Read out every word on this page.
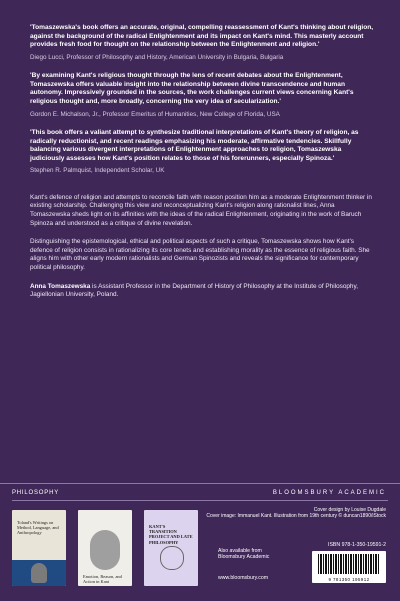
'Tomaszewska's book offers an accurate, original, compelling reassessment of Kant's thinking about religion, against the background of the radical Enlightenment and its impact on Kant's mind. This masterly account provides fresh food for thought on the relationship between the Enlightenment and religion.'

Diego Lucci, Professor of Philosophy and History, American University in Bulgaria, Bulgaria

'By examining Kant's religious thought through the lens of recent debates about the Enlightenment, Tomaszewska offers valuable insight into the relationship between divine transcendence and human autonomy. Impressively grounded in the sources, the work challenges current views concerning Kant's religious thought and, more broadly, concerning the very idea of secularization.'

Gordon E. Michalson, Jr., Professor Emeritus of Humanities, New College of Florida, USA

'This book offers a valiant attempt to synthesize traditional interpretations of Kant's theory of religion, as radically reductionist, and recent readings emphasizing his moderate, affirmative tendencies. Skillfully balancing various divergent interpretations of Enlightenment approaches to religion, Tomaszewska judiciously assesses how Kant's position relates to those of his forerunners, especially Spinoza.'

Stephen R. Palmquist, Independent Scholar, UK

Kant's defence of religion and attempts to reconcile faith with reason position him as a moderate Enlightenment thinker in existing scholarship. Challenging this view and reconceptualizing Kant's religion along rationalist lines, Anna Tomaszewska sheds light on its affinities with the ideas of the radical Enlightenment, originating in the work of Baruch Spinoza and understood as a critique of divine revelation.

Distinguishing the epistemological, ethical and political aspects of such a critique, Tomaszewska shows how Kant's defence of religion consists in rationalizing its core tenets and establishing morality as the essence of religious faith. She aligns him with other early modern rationalists and German Spinozists and reveals the significance for contemporary political philosophy.

Anna Tomaszewska is Assistant Professor in the Department of History of Philosophy at the Institute of Philosophy, Jagiellonian University, Poland.

PHILOSOPHY	BLOOMSBURY ACADEMIC
Toland's Writings on Method, Language, and Anthropology
Emotion, Reason, and Action in Kant
KANT'S TRANSITION PROJECT AND LATE PHILOSOPHY
Also available from
Bloomsbury Academic
www.bloomsbury.com
Cover design by Louise Dugdale
Cover image: Immanuel Kant. Illustration from 19th century © duncan1890/iStock
ISBN 978-1-350-19591-2
9 781350 195912
